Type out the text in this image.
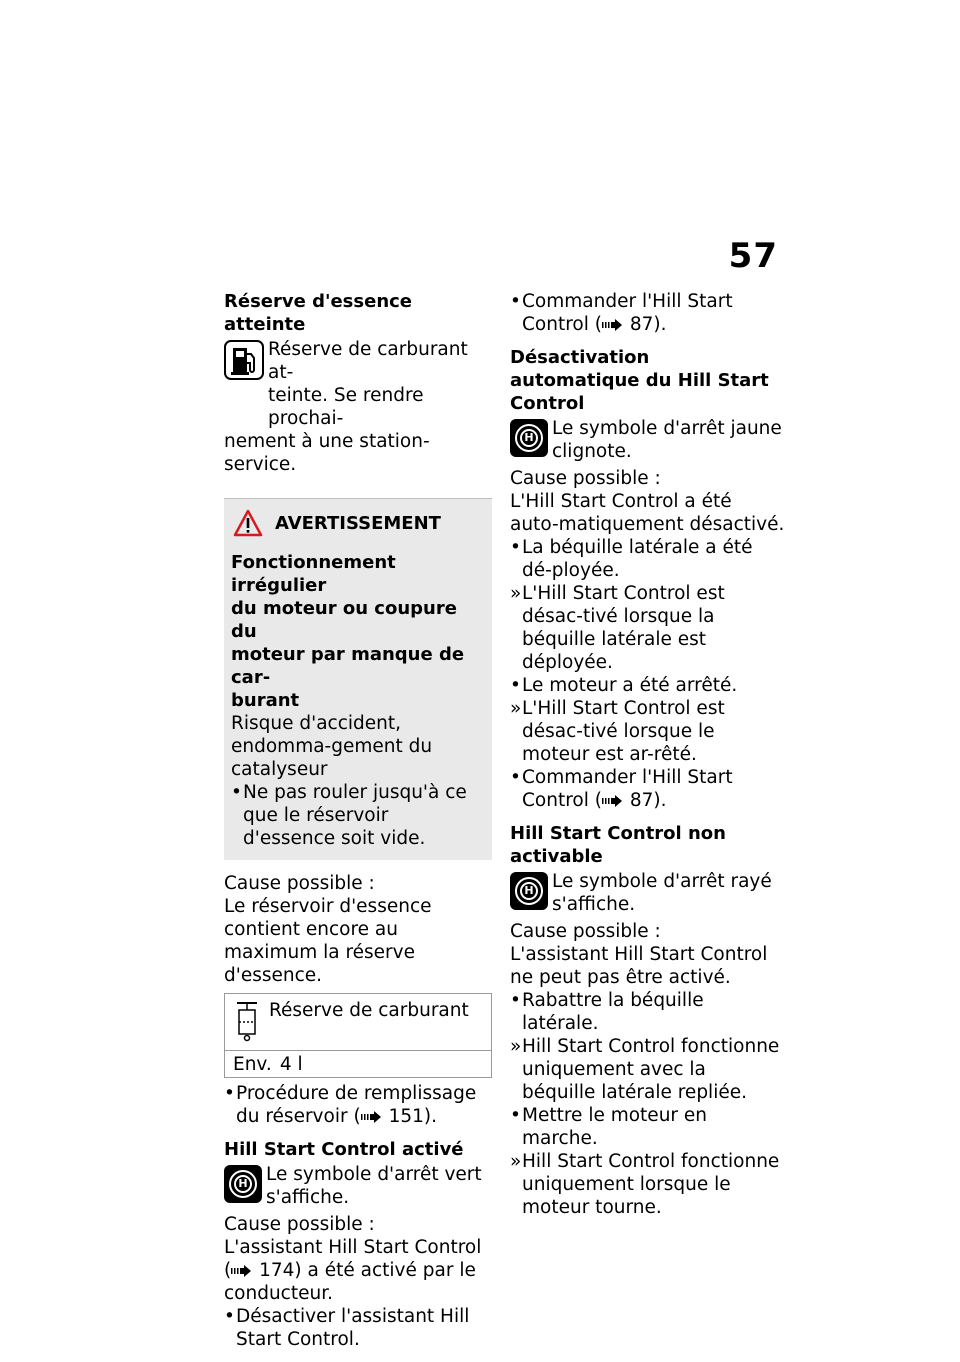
57
Réserve d'essence atteinte
Réserve de carburant at-
teinte. Se rendre prochai-
nement à une station-service.
AVERTISSEMENT
Fonctionnement irrégulier
du moteur ou coupure du
moteur par manque de car-
burant

Risque d'accident, endomma-gement du catalyseur

• Ne pas rouler jusqu'à ce que le réservoir d'essence soit vide.

Cause possible :

Le réservoir d'essence contient encore au maximum la réserve d'essence.

Réserve de carburant
Env. 4 l

• Procédure de remplissage du réservoir ( 151).

Hill Start Control activé
H Le symbole d'arrêt vert
s'affiche.

Cause possible :

L'assistant Hill Start Control ( 174) a été activé par le conducteur.

• Désactiver l'assistant Hill Start Control.

• Commander l'Hill Start Control ( 87).

Désactivation automatique du Hill Start Control
H Le symbole d'arrêt jaune
clignote.

Cause possible :

L'Hill Start Control a été auto-matiquement désactivé.

• La béquille latérale a été dé-ployée.

» L'Hill Start Control est désac-tivé lorsque la béquille latérale est déployée.

• Le moteur a été arrêté.

» L'Hill Start Control est désac-tivé lorsque le moteur est ar-rêté.

• Commander l'Hill Start Control ( 87).

Hill Start Control non activable
H Le symbole d'arrêt rayé
s'affiche.

Cause possible :

L'assistant Hill Start Control ne peut pas être activé.

• Rabattre la béquille latérale.

» Hill Start Control fonctionne uniquement avec la béquille latérale repliée.

• Mettre le moteur en marche.

» Hill Start Control fonctionne uniquement lorsque le moteur tourne.
